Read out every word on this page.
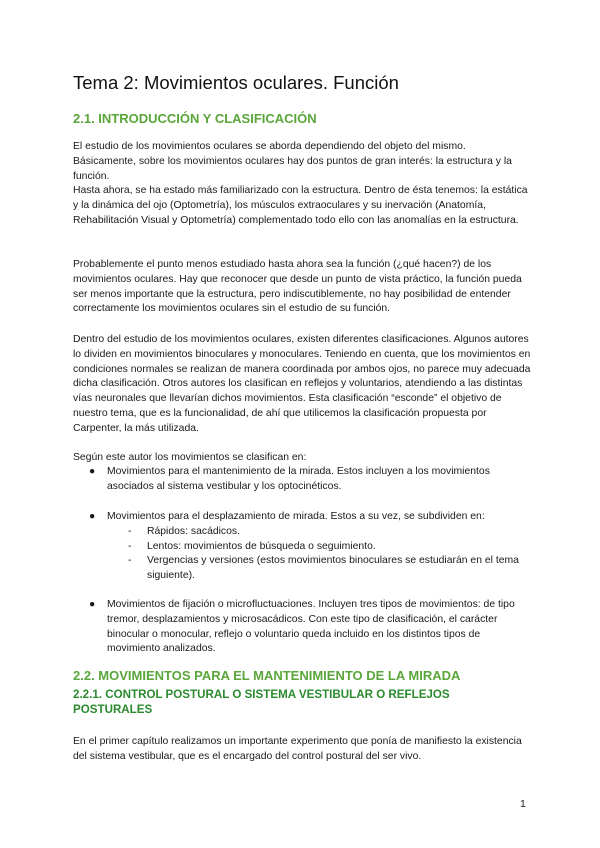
Tema 2: Movimientos oculares. Función

2.1. INTRODUCCIÓN Y CLASIFICACIÓN

El estudio de los movimientos oculares se aborda dependiendo del objeto del mismo. Básicamente, sobre los movimientos oculares hay dos puntos de gran interés: la estructura y la función.

Hasta ahora, se ha estado más familiarizado con la estructura. Dentro de ésta tenemos: la estática y la dinámica del ojo (Optometría), los músculos extraoculares y su inervación (Anatomía, Rehabilitación Visual y Optometría) complementado todo ello con las anomalías en la estructura.

Probablemente el punto menos estudiado hasta ahora sea la función (¿qué hacen?) de los movimientos oculares. Hay que reconocer que desde un punto de vista práctico, la función pueda ser menos importante que la estructura, pero indiscutiblemente, no hay posibilidad de entender correctamente los movimientos oculares sin el estudio de su función.

Dentro del estudio de los movimientos oculares, existen diferentes clasificaciones. Algunos autores lo dividen en movimientos binoculares y monoculares. Teniendo en cuenta, que los movimientos en condiciones normales se realizan de manera coordinada por ambos ojos, no parece muy adecuada dicha clasificación. Otros autores los clasifican en reflejos y voluntarios, atendiendo a las distintas vías neuronales que llevarían dichos movimientos. Esta clasificación “esconde” el objetivo de nuestro tema, que es la funcionalidad, de ahí que utilicemos la clasificación propuesta por Carpenter, la más utilizada.

Según este autor los movimientos se clasifican en:

● Movimientos para el mantenimiento de la mirada. Estos incluyen a los movimientos asociados al sistema vestibular y los optocinéticos.
● Movimientos para el desplazamiento de mirada. Estos a su vez, se subdividen en:
- Rápidos: sacádicos.
- Lentos: movimientos de búsqueda o seguimiento.
- Vergencias y versiones (estos movimientos binoculares se estudiarán en el tema siguiente).
● Movimientos de fijación o microfluctuaciones. Incluyen tres tipos de movimientos: de tipo tremor, desplazamientos y microsacádicos. Con este tipo de clasificación, el carácter binocular o monocular, reflejo o voluntario queda incluido en los distintos tipos de movimiento analizados.

2.2. MOVIMIENTOS PARA EL MANTENIMIENTO DE LA MIRADA

2.2.1. CONTROL POSTURAL O SISTEMA VESTIBULAR O REFLEJOS POSTURALES

En el primer capítulo realizamos un importante experimento que ponía de manifiesto la existencia del sistema vestibular, que es el encargado del control postural del ser vivo.

1
